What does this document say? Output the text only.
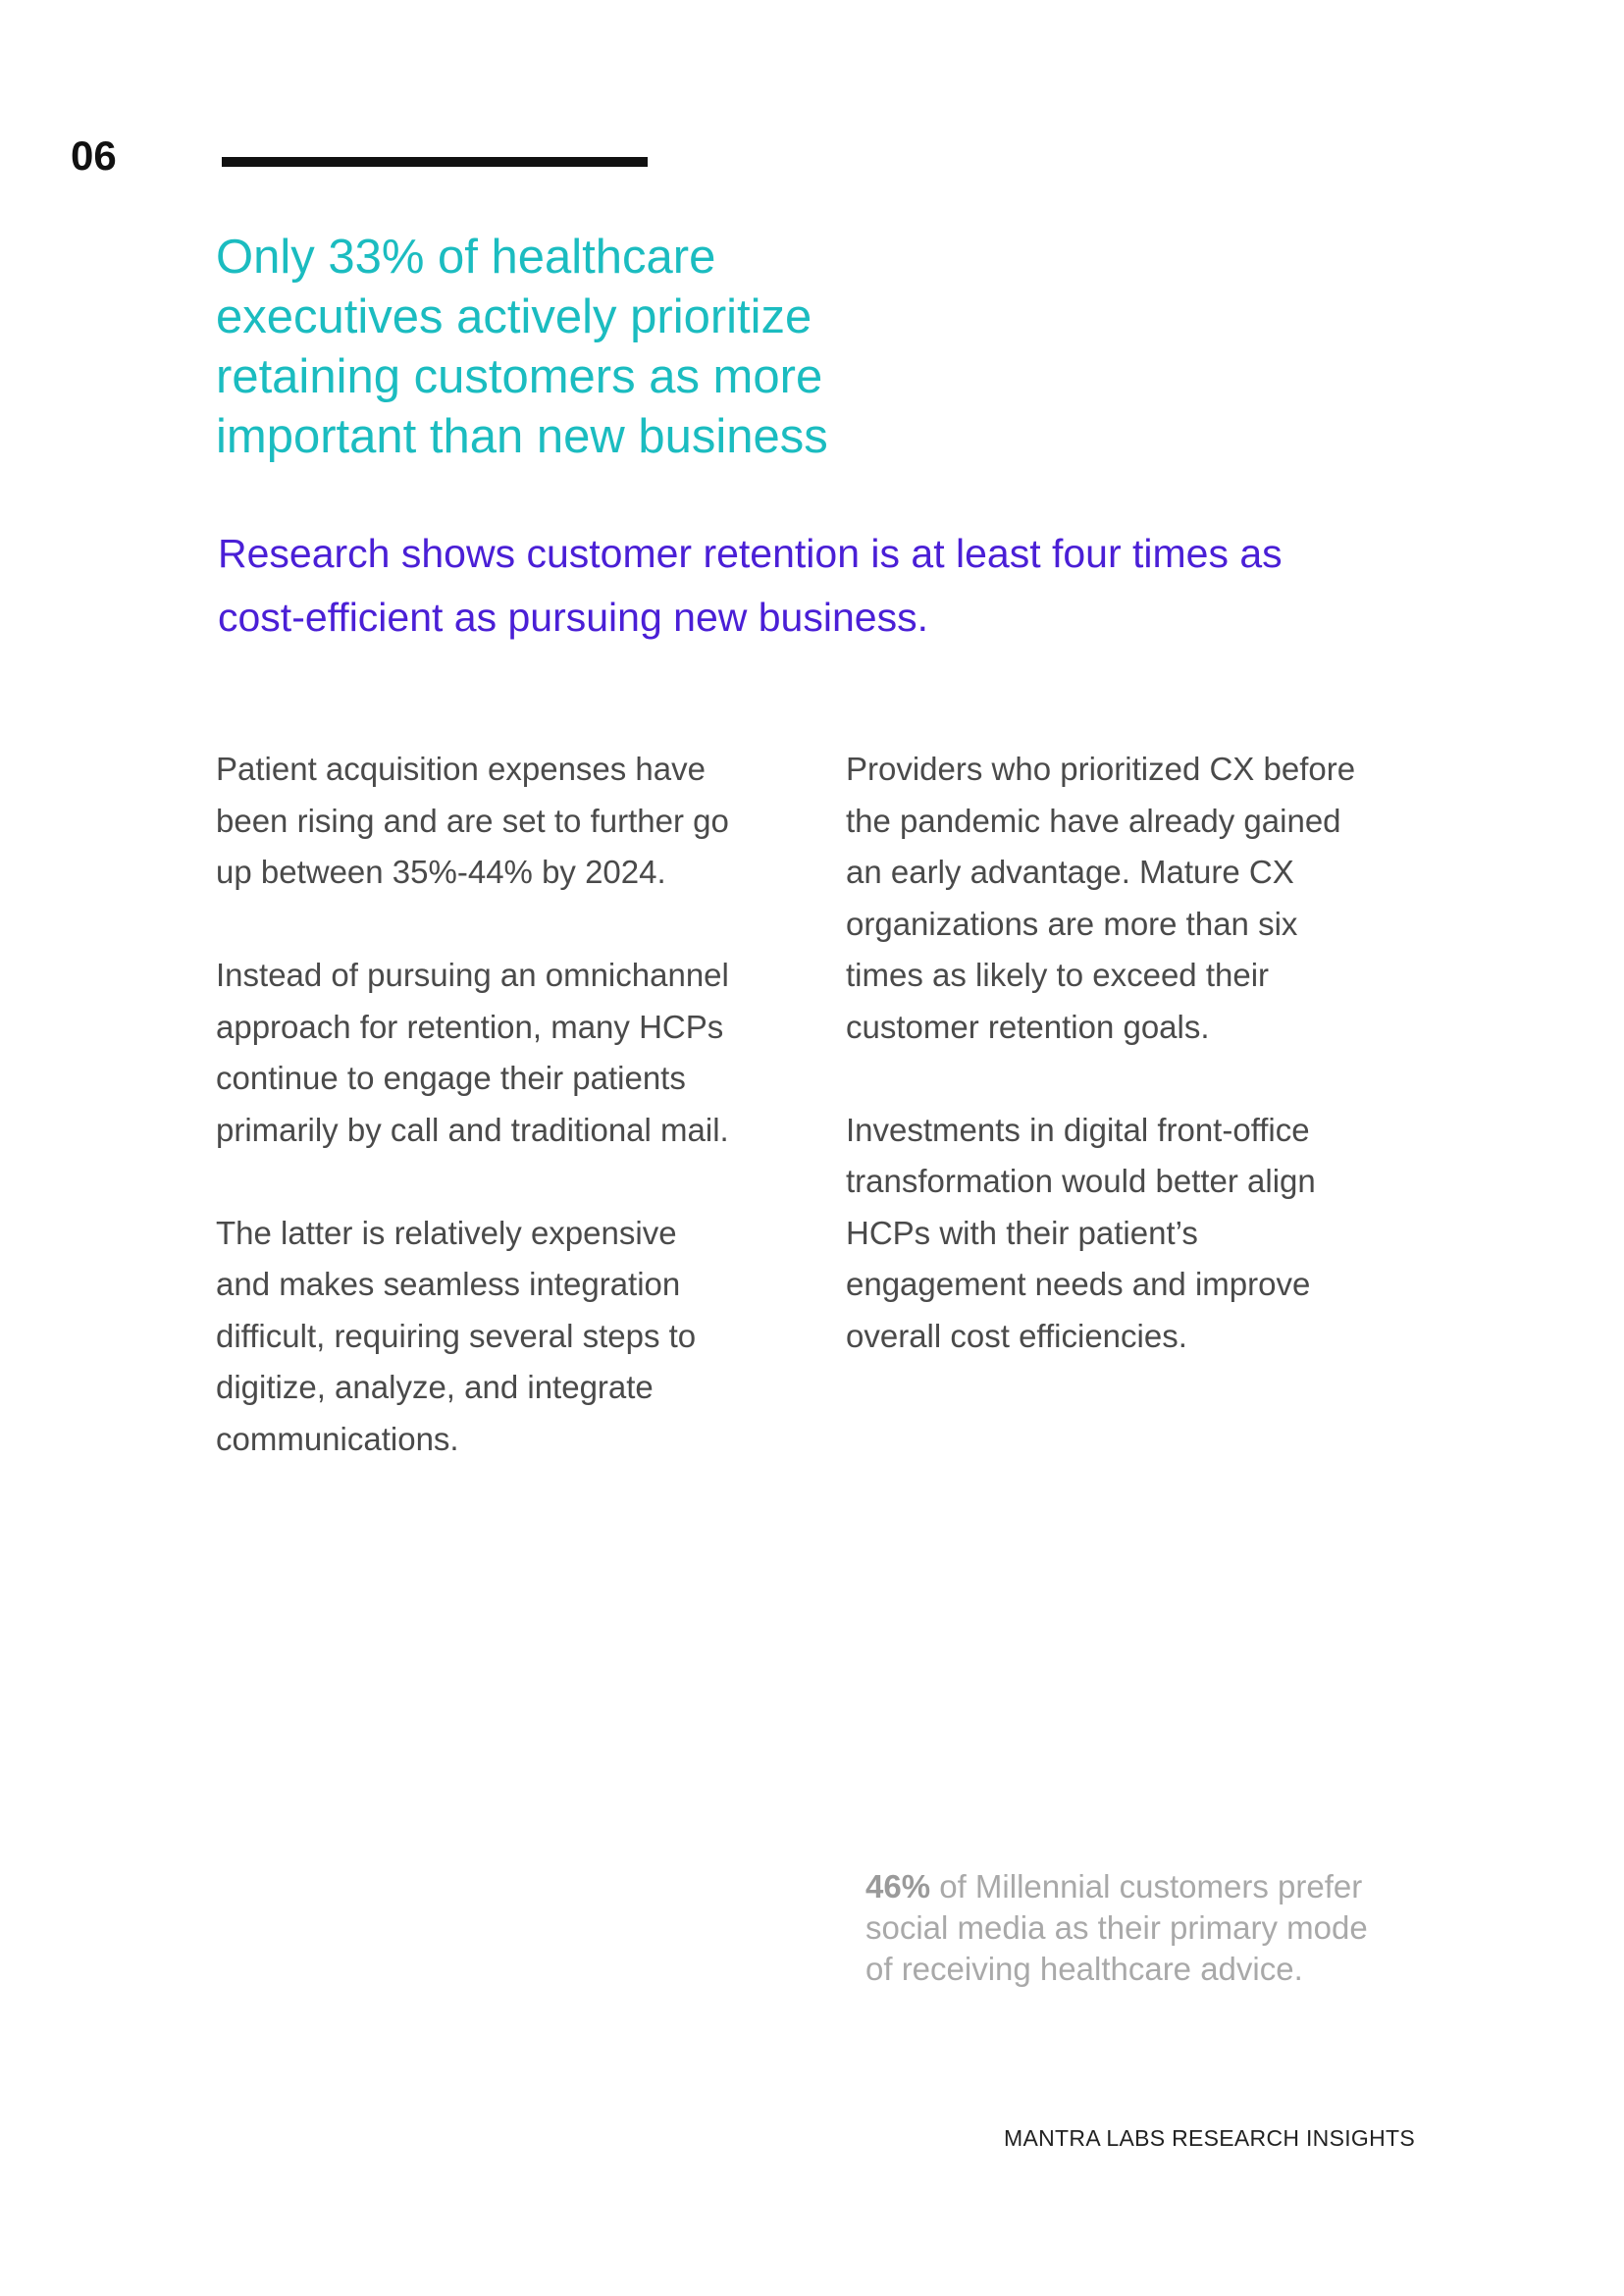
06
Only 33% of healthcare
executives actively prioritize
retaining customers as more
important than new business
Research shows customer retention is at least four times as
cost-efficient as pursuing new business.

Patient acquisition expenses have
been rising and are set to further go
up between 35%-44% by 2024.

Instead of pursuing an omnichannel
approach for retention, many HCPs
continue to engage their patients
primarily by call and traditional mail.

The latter is relatively expensive
and makes seamless integration
difficult, requiring several steps to
digitize, analyze, and integrate
communications.

Providers who prioritized CX before
the pandemic have already gained
an early advantage. Mature CX
organizations are more than six
times as likely to exceed their
customer retention goals.

Investments in digital front-office
transformation would better align
HCPs with their patient’s
engagement needs and improve
overall cost efficiencies.

46% of Millennial customers prefer
social media as their primary mode
of receiving healthcare advice.
MANTRA LABS RESEARCH INSIGHTS
